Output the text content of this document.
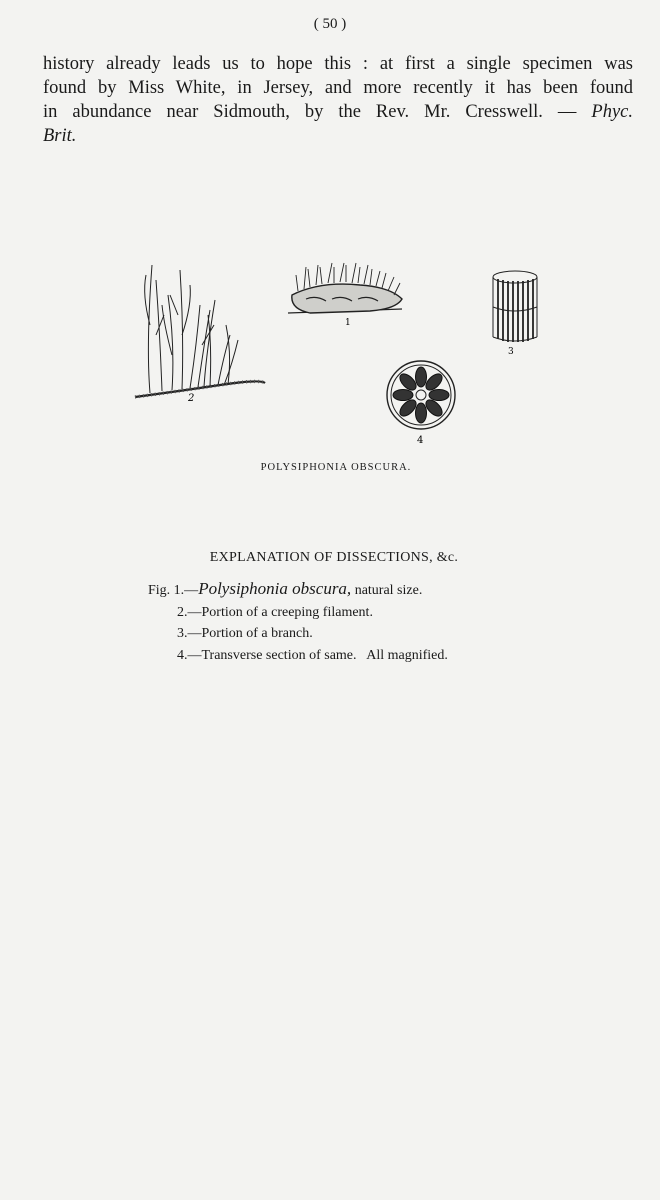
( 50 )
history already leads us to hope this : at first a single specimen was
found by Miss White, in Jersey, and more recently it has been found
in abundance near Sidmouth, by the Rev. Mr. Cresswell. — Phyc.
Brit.
2
1
3
4
POLYSIPHONIA OBSCURA.
EXPLANATION OF DISSECTIONS, &c.
Fig. 1.—Polysiphonia obscura, natural size.
2.—Portion of a creeping filament.
3.—Portion of a branch.
4.—Transverse section of same.   All magnified.
